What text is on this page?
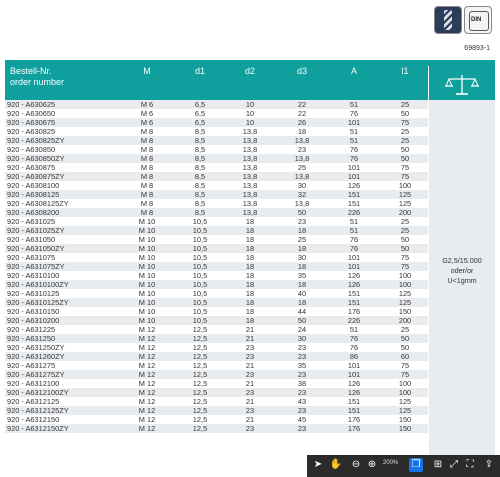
DIN
69893-1
Bestell-Nr.
order number
M	d1	d2	d3	A	l1
920 - A630625	M 6	6,5	10	22	51	25
920 - A630650	M 6	6,5	10	22	76	50
920 - A630675	M 6	6,5	10	26	101	75
920 - A630825	M 8	8,5	13,8	18	51	25
920 - A630825ZY	M 8	8,5	13,8	13,8	51	25
920 - A630850	M 8	8,5	13,8	23	76	50
920 - A630850ZY	M 8	8,5	13,8	13,8	76	50
920 - A630875	M 8	8,5	13,8	25	101	75
920 - A630875ZY	M 8	8,5	13,8	13,8	101	75
920 - A6308100	M 8	8,5	13,8	30	126	100
920 - A6308125	M 8	8,5	13,8	32	151	125
920 - A6308125ZY	M 8	8,5	13,8	13,8	151	125
920 - A6308200	M 8	8,5	13,8	50	226	200
920 - A631025	M 10	10,5	18	23	51	25
920 - A631025ZY	M 10	10,5	18	18	51	25
920 - A631050	M 10	10,5	18	25	76	50
920 - A631050ZY	M 10	10,5	18	18	76	50
920 - A631075	M 10	10,5	18	30	101	75
920 - A631075ZY	M 10	10,5	18	18	101	75
920 - A6310100	M 10	10,5	18	35	126	100
920 - A6310100ZY	M 10	10,5	18	18	126	100
920 - A6310125	M 10	10,5	18	40	151	125
920 - A6310125ZY	M 10	10,5	18	18	151	125
920 - A6310150	M 10	10,5	18	44	176	150
920 - A6310200	M 10	10,5	18	50	226	200
920 - A631225	M 12	12,5	21	24	51	25
920 - A631250	M 12	12,5	21	30	76	50
920 - A631250ZY	M 12	12,5	23	23	76	50
920 - A631260ZY	M 12	12,5	23	23	86	60
920 - A631275	M 12	12,5	21	35	101	75
920 - A631275ZY	M 12	12,5	23	23	101	75
920 - A6312100	M 12	12,5	21	38	126	100
920 - A6312100ZY	M 12	12,5	23	23	126	100
920 - A6312125	M 12	12,5	21	43	151	125
920 - A6312125ZY	M 12	12,5	23	23	151	125
920 - A6312150	M 12	12,5	21	45	176	150
920 - A6312150ZY	M 12	12,5	23	23	176	150
G2,5/15.000
oder/or
U<1gmm
➤ ✋ ⊖ ⊕	200% ❐ ⊞ ⤢ ⛶	⇪
